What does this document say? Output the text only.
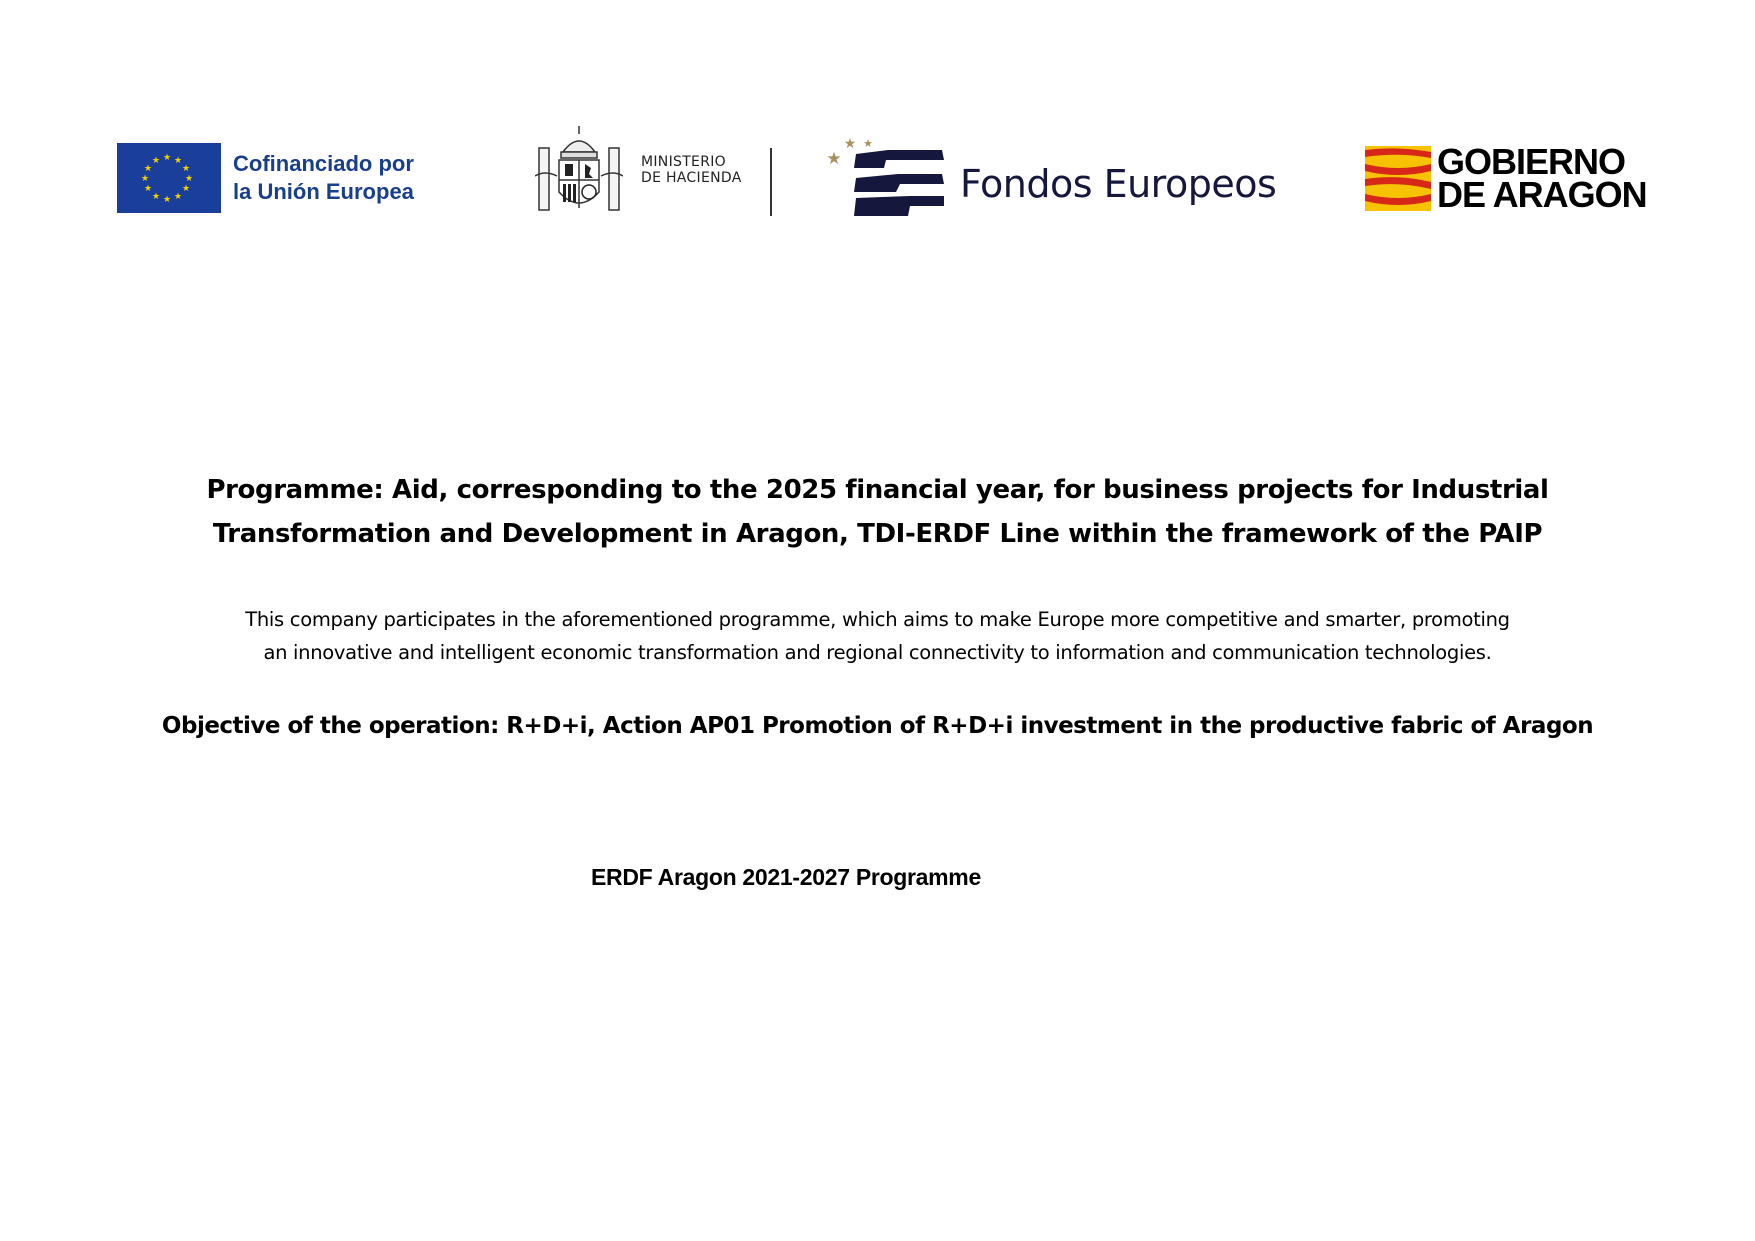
★ ★
★
★
★
★
★
★
★
★
★
★	Cofinanciado por
la Unión Europea
MINISTERIO
DE HACIENDA
★ ★
★
Fondos Europeos
GOBIERNO
DE ARAGON
Programme: Aid, corresponding to the 2025 financial year, for business projects for Industrial
Transformation and Development in Aragon, TDI-ERDF Line within the framework of the PAIP
This company participates in the aforementioned programme, which aims to make Europe more competitive and smarter, promoting
an innovative and intelligent economic transformation and regional connectivity to information and communication technologies.
Objective of the operation: R+D+i, Action AP01 Promotion of R+D+i investment in the productive fabric of Aragon
ERDF Aragon 2021-2027 Programme
